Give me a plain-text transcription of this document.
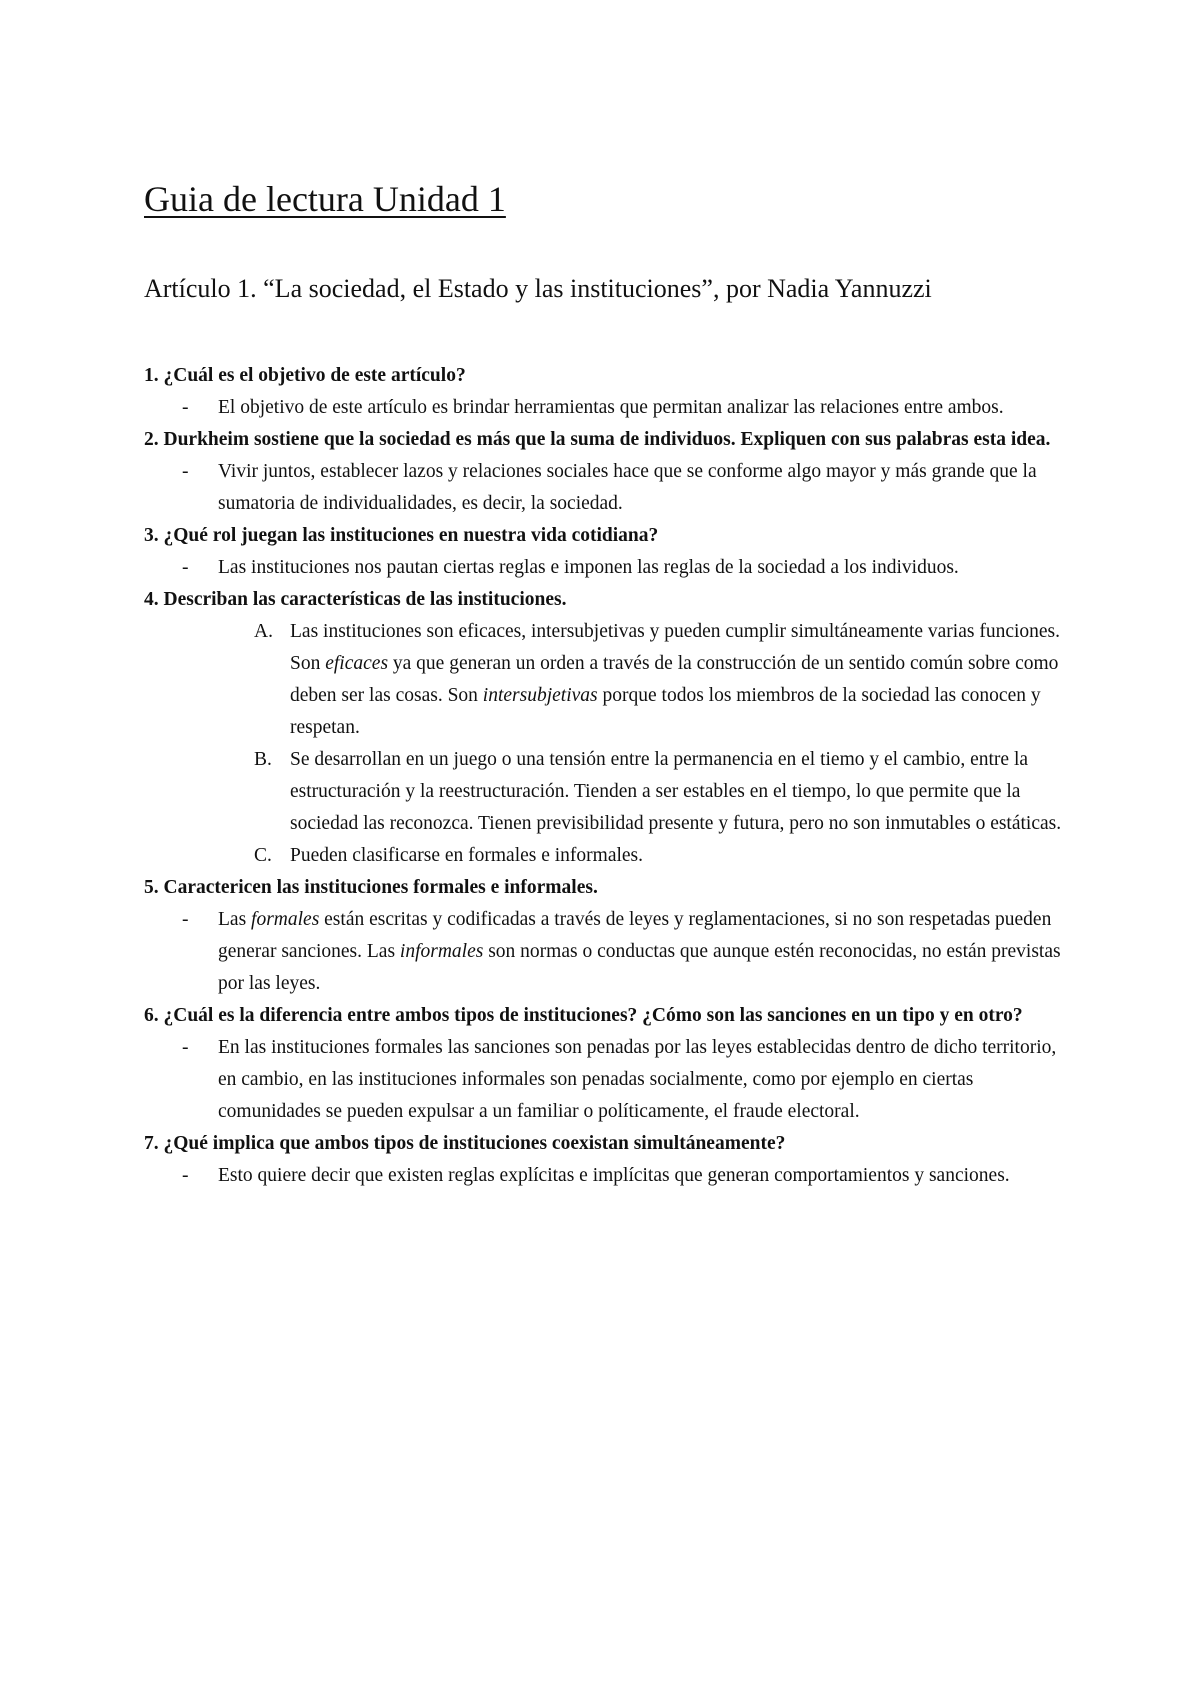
Guia de lectura Unidad 1
Artículo 1. “La sociedad, el Estado y las instituciones”, por Nadia Yannuzzi

1. ¿Cuál es el objetivo de este artículo?

- El objetivo de este artículo es brindar herramientas que permitan analizar las relaciones entre ambos.

2. Durkheim sostiene que la sociedad es más que la suma de individuos. Expliquen con sus palabras esta idea.

- Vivir juntos, establecer lazos y relaciones sociales hace que se conforme algo mayor y más grande que la sumatoria de individualidades, es decir, la sociedad.

3. ¿Qué rol juegan las instituciones en nuestra vida cotidiana?

- Las instituciones nos pautan ciertas reglas e imponen las reglas de la sociedad a los individuos.

4. Describan las características de las instituciones.

A. Las instituciones son eficaces, intersubjetivas y pueden cumplir simultáneamente varias funciones. Son eficaces ya que generan un orden a través de la construcción de un sentido común sobre como deben ser las cosas. Son intersubjetivas porque todos los miembros de la sociedad las conocen y respetan.

B. Se desarrollan en un juego o una tensión entre la permanencia en el tiemo y el cambio, entre la estructuración y la reestructuración. Tienden a ser estables en el tiempo, lo que permite que la sociedad las reconozca. Tienen previsibilidad presente y futura, pero no son inmutables o estáticas.

C. Pueden clasificarse en formales e informales.

5. Caractericen las instituciones formales e informales.

- Las formales están escritas y codificadas a través de leyes y reglamentaciones, si no son respetadas pueden generar sanciones. Las informales son normas o conductas que aunque estén reconocidas, no están previstas por las leyes.

6. ¿Cuál es la diferencia entre ambos tipos de instituciones? ¿Cómo son las sanciones en un tipo y en otro?

- En las instituciones formales las sanciones son penadas por las leyes establecidas dentro de dicho territorio, en cambio, en las instituciones informales son penadas socialmente, como por ejemplo en ciertas comunidades se pueden expulsar a un familiar o políticamente, el fraude electoral.

7. ¿Qué implica que ambos tipos de instituciones coexistan simultáneamente?

- Esto quiere decir que existen reglas explícitas e implícitas que generan comportamientos y sanciones.
